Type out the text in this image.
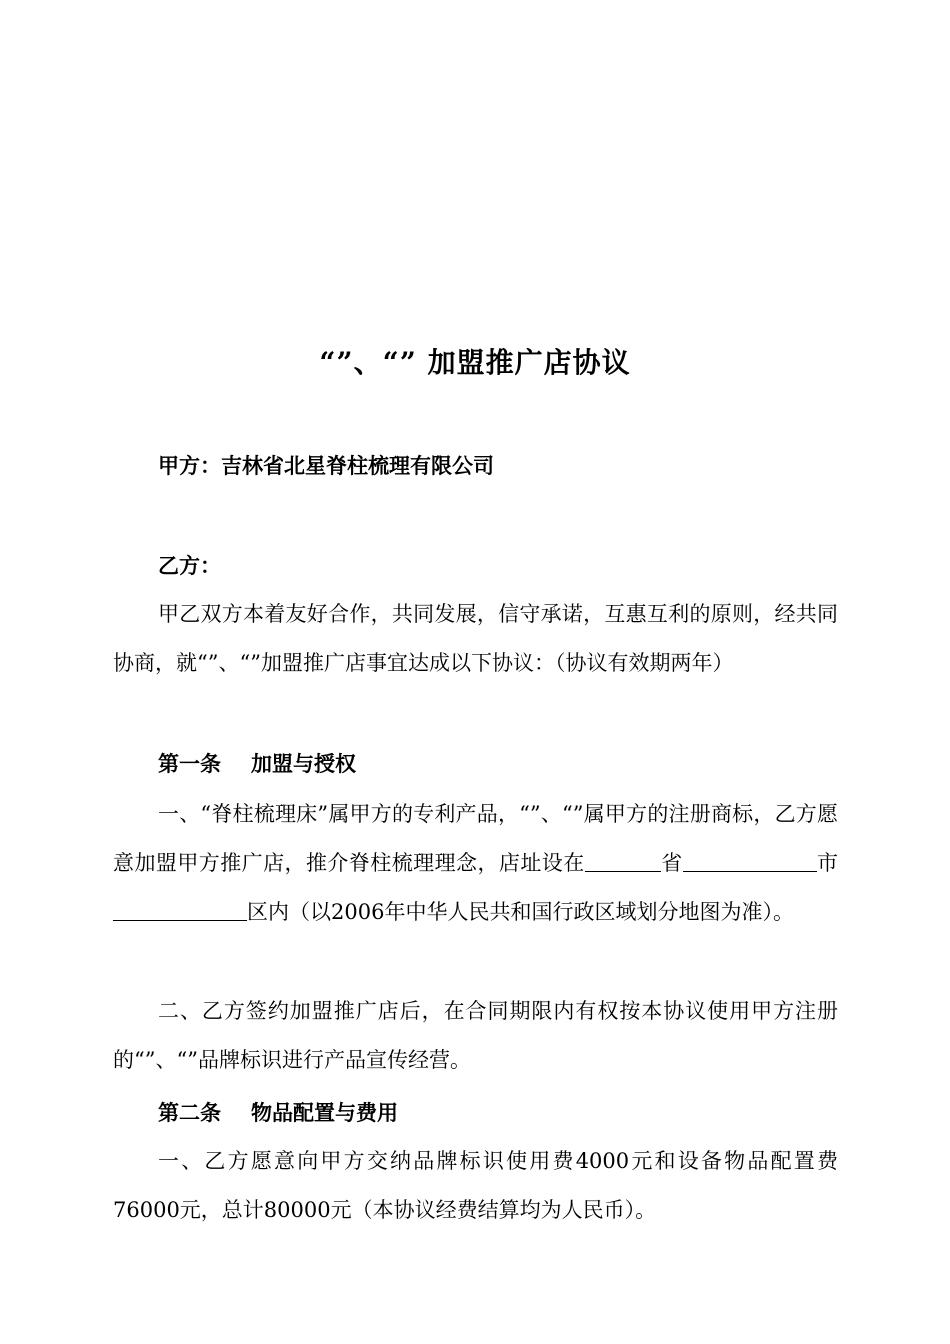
“”、“” 加盟推广店协议
甲方：吉林省北星脊柱梳理有限公司
乙方：
甲乙双方本着友好合作，共同发展，信守承诺，互惠互利的原则，经共同协商，就“”、“”加盟推广店事宜达成以下协议：（协议有效期两年）
第一条 加盟与授权
一、“脊柱梳理床”属甲方的专利产品，“”、“”属甲方的注册商标，乙方愿意加盟甲方推广店，推介脊柱梳理理念，店址设在	省	市区内（以2006年中华人民共和国行政区域划分地图为准）。
二、乙方签约加盟推广店后，在合同期限内有权按本协议使用甲方注册的“”、“”品牌标识进行产品宣传经营。
第二条 物品配置与费用
一、乙方愿意向甲方交纳品牌标识使用费4000元和设备物品配置费76000元，总计80000元（本协议经费结算均为人民币）。
